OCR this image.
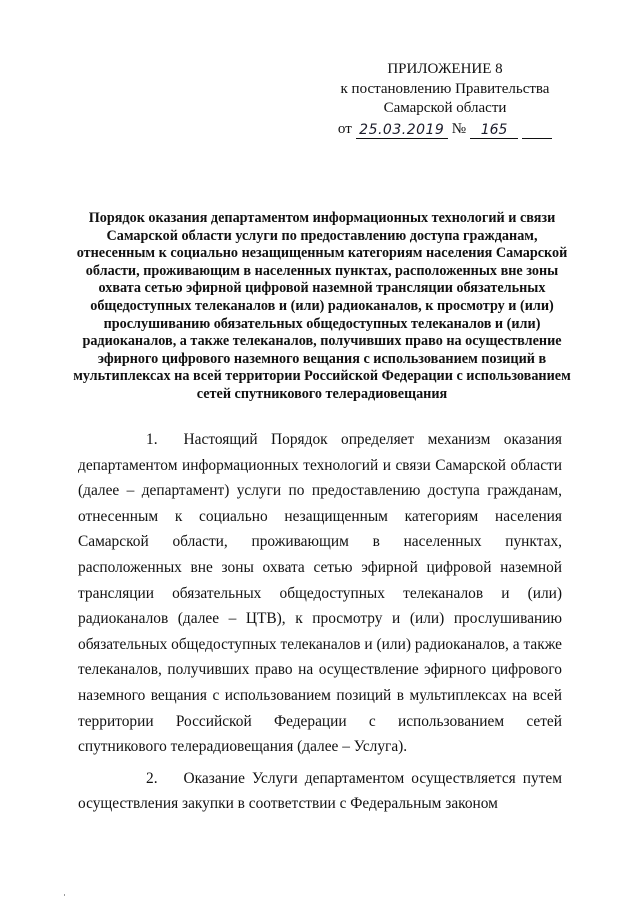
ПРИЛОЖЕНИЕ 8
к постановлению Правительства
Самарской области
от 25.03.2019 №	165
Порядок оказания департаментом информационных технологий и связи Самарской области услуги по предоставлению доступа гражданам, отнесенным к социально незащищенным категориям населения Самарской области, проживающим в населенных пунктах, расположенных вне зоны охвата сетью эфирной цифровой наземной трансляции обязательных общедоступных телеканалов и (или) радиоканалов, к просмотру и (или) прослушиванию обязательных общедоступных телеканалов и (или) радиоканалов, а также телеканалов, получивших право на осуществление эфирного цифрового наземного вещания с использованием позиций в мультиплексах на всей территории Российской Федерации с использованием сетей спутникового телерадиовещания

1. Настоящий Порядок определяет механизм оказания департаментом информационных технологий и связи Самарской области (далее – департамент) услуги по предоставлению доступа гражданам, отнесенным к социально незащищенным категориям населения Самарской области, проживающим в населенных пунктах, расположенных вне зоны охвата сетью эфирной цифровой наземной трансляции обязательных общедоступных телеканалов и (или) радиоканалов (далее – ЦТВ), к просмотру и (или) прослушиванию обязательных общедоступных телеканалов и (или) радиоканалов, а также телеканалов, получивших право на осуществление эфирного цифрового наземного вещания с использованием позиций в мультиплексах на всей территории Российской Федерации с использованием сетей спутникового телерадиовещания (далее – Услуга).

2. Оказание Услуги департаментом осуществляется путем осуществления закупки в соответствии с Федеральным законом
